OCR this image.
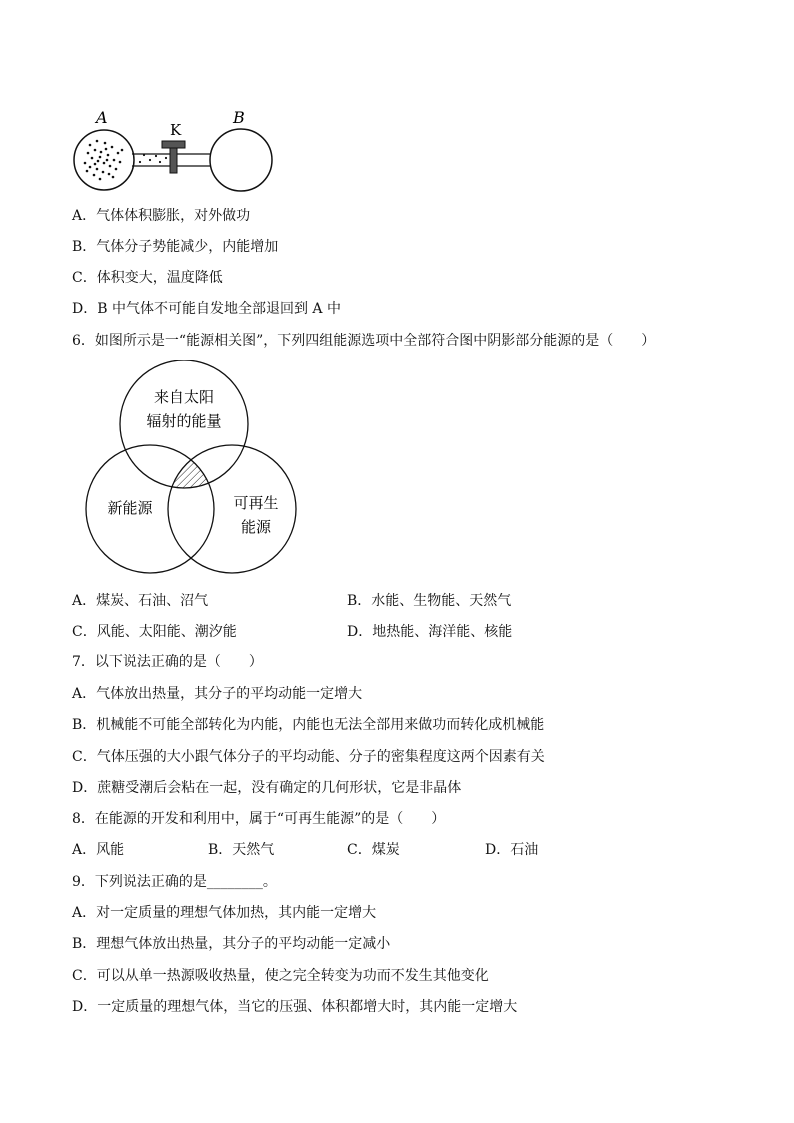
A
K
B
A．气体体积膨胀，对外做功
B．气体分子势能减少，内能增加
C．体积变大，温度降低
D．B 中气体不可能自发地全部退回到 A 中
6．如图所示是一“能源相关图”，下列四组能源选项中全部符合图中阴影部分能源的是（　　）
来自太阳
辐射的能量
新能源	可再生
能源
A．煤炭、石油、沼气	B．水能、生物能、天然气
C．风能、太阳能、潮汐能	D．地热能、海洋能、核能
7．以下说法正确的是（　　）
A．气体放出热量，其分子的平均动能一定增大
B．机械能不可能全部转化为内能，内能也无法全部用来做功而转化成机械能
C．气体压强的大小跟气体分子的平均动能、分子的密集程度这两个因素有关
D．蔗糖受潮后会粘在一起，没有确定的几何形状，它是非晶体
8．在能源的开发和利用中，属于“可再生能源”的是（　　）
A．风能	B．天然气	C．煤炭	D．石油
9．下列说法正确的是________。
A．对一定质量的理想气体加热，其内能一定增大
B．理想气体放出热量，其分子的平均动能一定减小
C．可以从单一热源吸收热量，使之完全转变为功而不发生其他变化
D．一定质量的理想气体，当它的压强、体积都增大时，其内能一定增大
